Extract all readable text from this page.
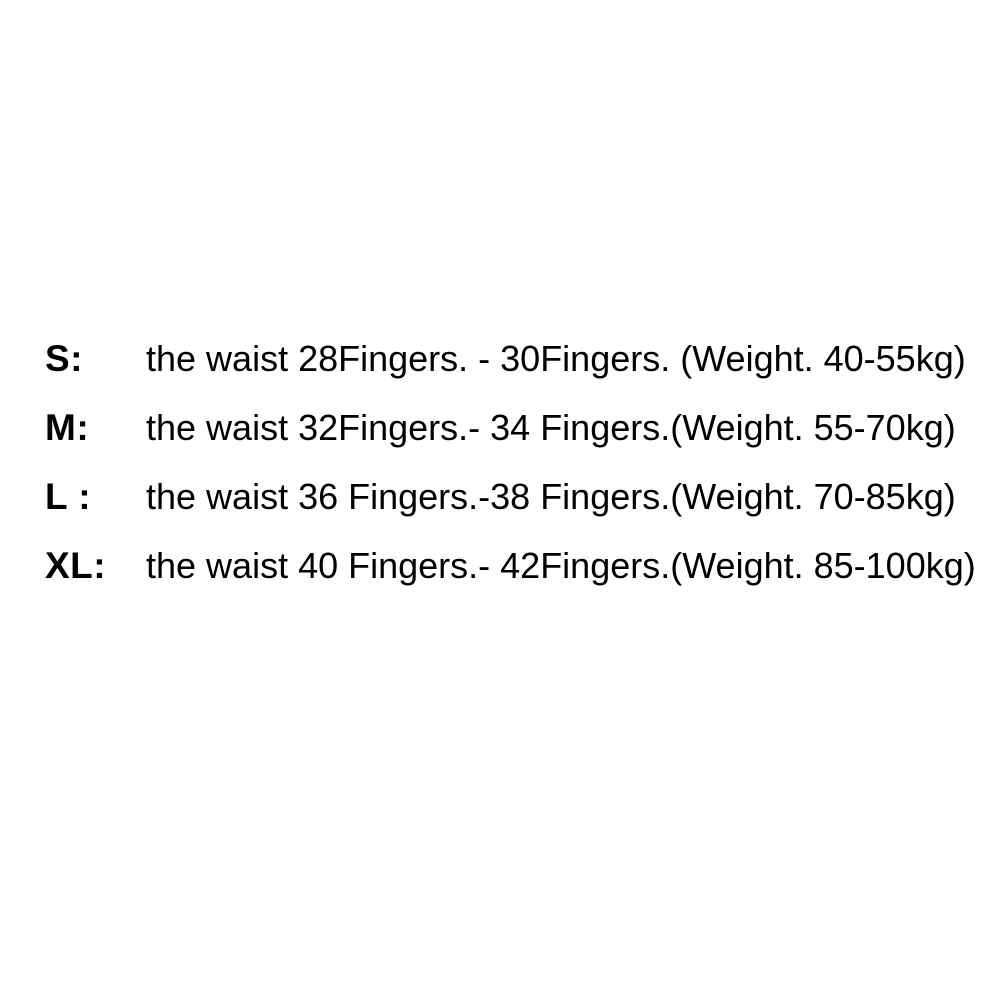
S:	the waist 28Fingers. - 30Fingers. (Weight. 40-55kg)
M:	the waist 32Fingers.- 34 Fingers.(Weight. 55-70kg)
L :	the waist 36 Fingers.-38 Fingers.(Weight. 70-85kg)
XL:	the waist 40 Fingers.- 42Fingers.(Weight. 85-100kg)
